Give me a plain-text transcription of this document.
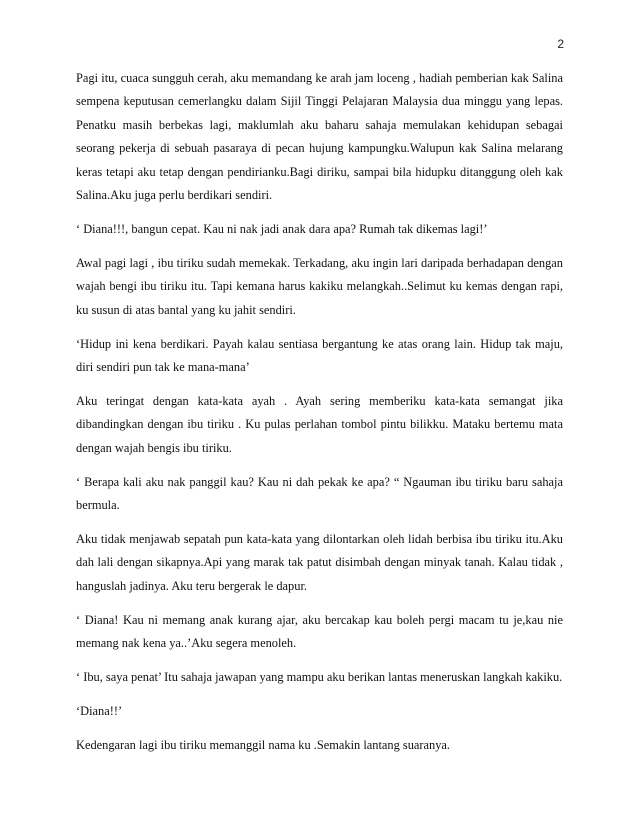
2

Pagi itu, cuaca sungguh cerah, aku memandang ke arah jam loceng , hadiah pemberian kak Salina sempena keputusan cemerlangku dalam Sijil Tinggi Pelajaran Malaysia dua minggu yang lepas. Penatku masih berbekas lagi, maklumlah aku baharu sahaja memulakan kehidupan sebagai seorang pekerja di sebuah pasaraya di pecan hujung kampungku.Walupun kak Salina melarang keras tetapi aku tetap dengan pendirianku.Bagi diriku, sampai bila hidupku ditanggung oleh kak Salina.Aku juga perlu berdikari sendiri.

‘ Diana!!!, bangun cepat. Kau ni nak jadi anak dara apa? Rumah tak dikemas lagi!’

Awal pagi lagi , ibu tiriku sudah memekak. Terkadang, aku ingin lari daripada berhadapan dengan wajah bengi ibu tiriku itu. Tapi kemana harus kakiku melangkah..Selimut ku kemas dengan rapi, ku susun di atas bantal yang ku jahit sendiri.

‘Hidup ini kena berdikari. Payah kalau sentiasa bergantung ke atas orang lain. Hidup tak maju, diri sendiri pun tak ke mana-mana’

Aku teringat dengan kata-kata ayah . Ayah sering memberiku kata-kata semangat jika dibandingkan dengan ibu tiriku . Ku pulas perlahan tombol pintu bilikku. Mataku bertemu mata dengan wajah bengis ibu tiriku.

‘ Berapa kali aku nak panggil kau? Kau ni dah pekak ke apa? “ Ngauman ibu tiriku baru sahaja bermula.

Aku tidak menjawab sepatah pun kata-kata yang dilontarkan oleh lidah berbisa ibu tiriku itu.Aku dah lali dengan sikapnya.Api yang marak tak patut disimbah dengan minyak tanah. Kalau tidak , hanguslah jadinya. Aku teru bergerak le dapur.

‘ Diana! Kau ni memang anak kurang ajar, aku bercakap kau boleh pergi macam tu je,kau nie memang nak kena ya..’Aku segera menoleh.

‘ Ibu, saya penat’ Itu sahaja jawapan yang mampu aku berikan lantas meneruskan langkah kakiku.

‘Diana!!’

Kedengaran lagi ibu tiriku memanggil nama ku .Semakin lantang suaranya.
